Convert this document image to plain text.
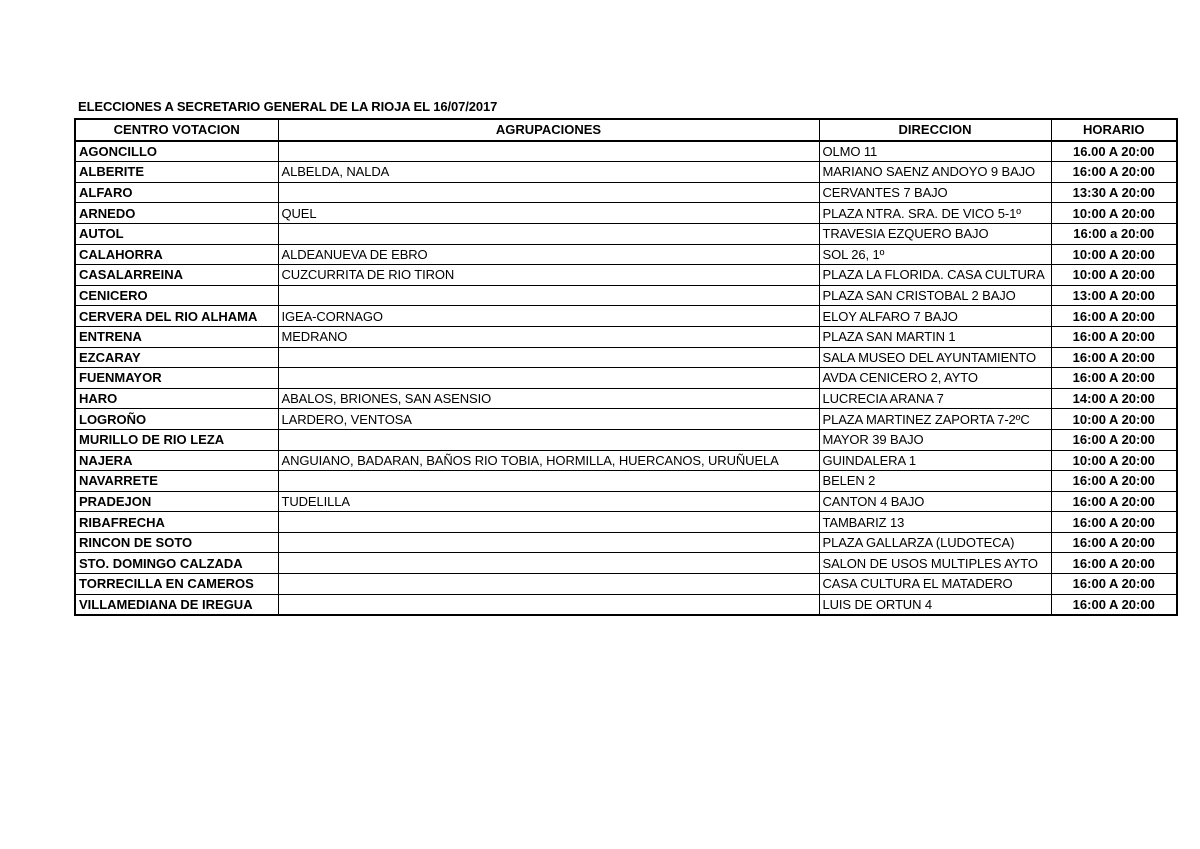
ELECCIONES A SECRETARIO GENERAL DE LA RIOJA EL 16/07/2017
CENTRO VOTACION	AGRUPACIONES	DIRECCION	HORARIO
AGONCILLO		OLMO 11	16.00 A 20:00
ALBERITE	ALBELDA, NALDA	MARIANO SAENZ ANDOYO 9 BAJO	16:00 A 20:00
ALFARO		CERVANTES 7 BAJO	13:30 A 20:00
ARNEDO	QUEL	PLAZA NTRA. SRA. DE VICO 5-1º	10:00 A 20:00
AUTOL		TRAVESIA EZQUERO BAJO	16:00 a 20:00
CALAHORRA	ALDEANUEVA DE EBRO	SOL 26, 1º	10:00 A 20:00
CASALARREINA	CUZCURRITA DE RIO TIRON	PLAZA LA FLORIDA. CASA CULTURA	10:00 A 20:00
CENICERO		PLAZA SAN CRISTOBAL 2 BAJO	13:00 A 20:00
CERVERA DEL RIO ALHAMA	IGEA-CORNAGO	ELOY ALFARO 7 BAJO	16:00 A 20:00
ENTRENA	MEDRANO	PLAZA SAN MARTIN 1	16:00 A 20:00
EZCARAY		SALA MUSEO DEL AYUNTAMIENTO	16:00 A 20:00
FUENMAYOR		AVDA CENICERO 2, AYTO	16:00 A 20:00
HARO	ABALOS, BRIONES, SAN ASENSIO	LUCRECIA ARANA 7	14:00 A 20:00
LOGROÑO	LARDERO, VENTOSA	PLAZA MARTINEZ ZAPORTA 7-2ºC	10:00 A 20:00
MURILLO DE RIO LEZA		MAYOR 39 BAJO	16:00 A 20:00
NAJERA	ANGUIANO, BADARAN, BAÑOS RIO TOBIA, HORMILLA, HUERCANOS, URUÑUELA	GUINDALERA 1	10:00 A 20:00
NAVARRETE		BELEN 2	16:00 A 20:00
PRADEJON	TUDELILLA	CANTON 4 BAJO	16:00 A 20:00
RIBAFRECHA		TAMBARIZ 13	16:00 A 20:00
RINCON DE SOTO		PLAZA GALLARZA (LUDOTECA)	16:00 A 20:00
STO. DOMINGO CALZADA		SALON DE USOS MULTIPLES AYTO	16:00 A 20:00
TORRECILLA EN CAMEROS		CASA CULTURA EL MATADERO	16:00 A 20:00
VILLAMEDIANA DE IREGUA		LUIS DE ORTUN 4	16:00 A 20:00
